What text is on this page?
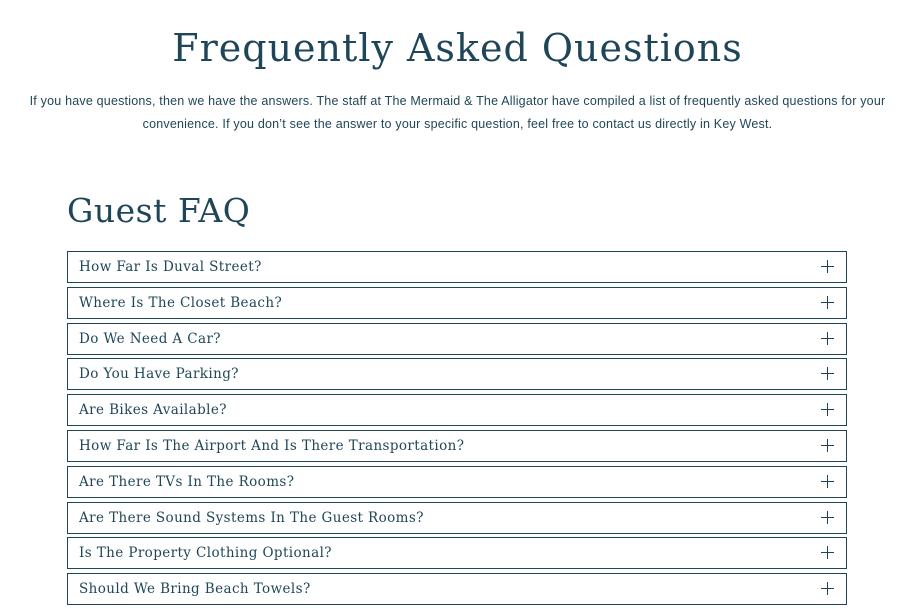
Frequently Asked Questions

If you have questions, then we have the answers. The staff at The Mermaid & The Alligator have compiled a list of frequently asked questions for your
convenience. If you don’t see the answer to your specific question, feel free to contact us directly in Key West.

Guest FAQ
How Far Is Duval Street?
Where Is The Closet Beach?
Do We Need A Car?
Do You Have Parking?
Are Bikes Available?
How Far Is The Airport And Is There Transportation?
Are There TVs In The Rooms?
Are There Sound Systems In The Guest Rooms?
Is The Property Clothing Optional?
Should We Bring Beach Towels?
